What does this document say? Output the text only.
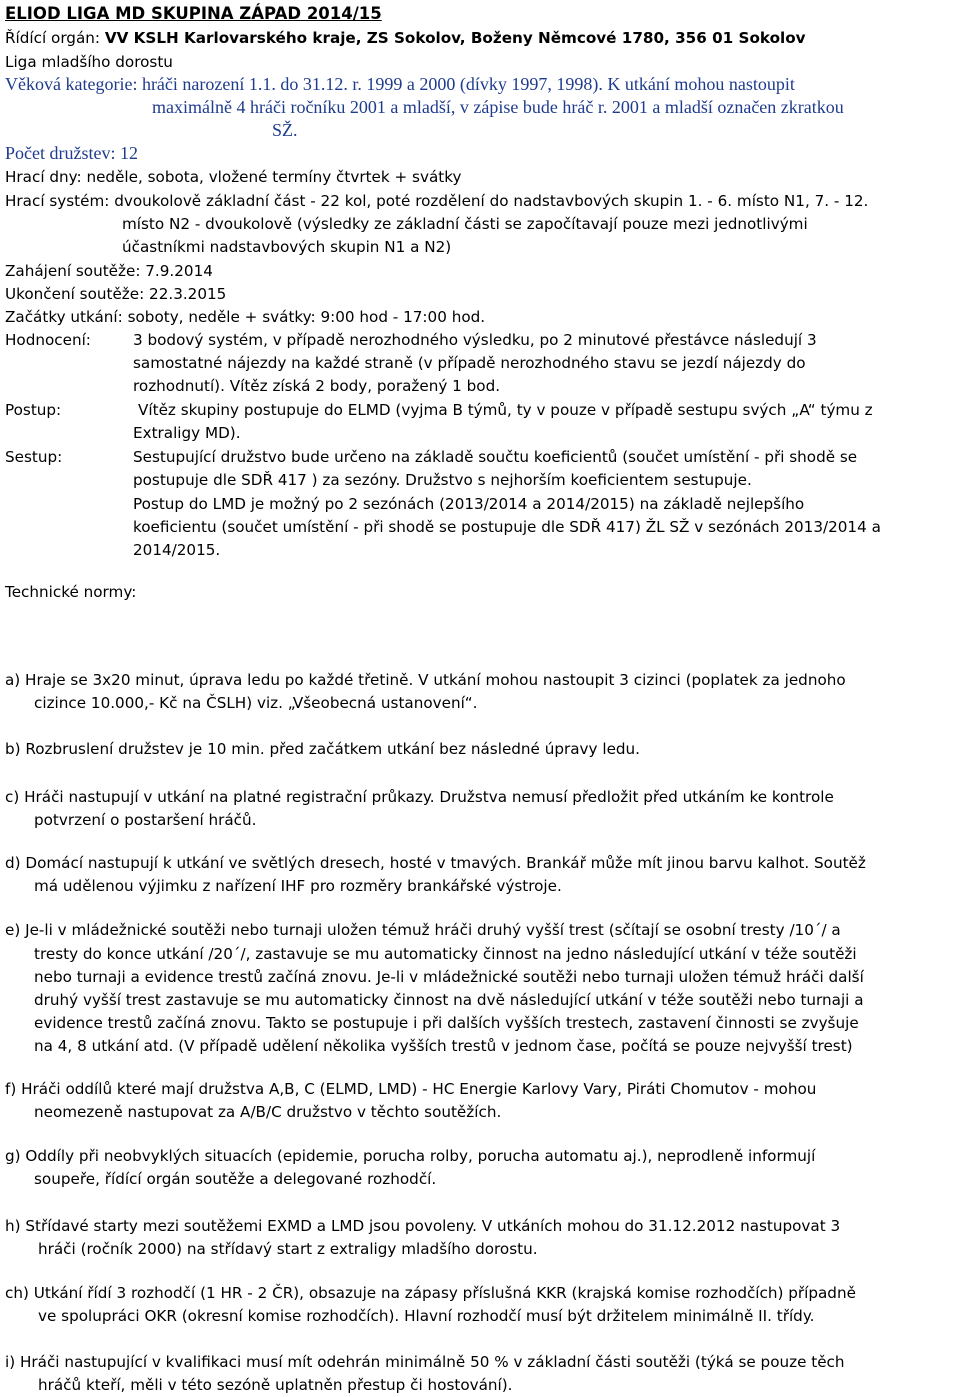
ELIOD LIGA MD SKUPINA ZÁPAD 2014/15
Řídící orgán: VV KSLH Karlovarského kraje, ZS Sokolov, Boženy Němcové 1780, 356 01 Sokolov
Liga mladšího dorostu
Věková kategorie: hráči narození 1.1. do 31.12. r. 1999 a 2000 (dívky 1997, 1998). K utkání mohou nastoupit
maximálně 4 hráči ročníku 2001 a mladší, v zápise bude hráč r. 2001 a mladší označen zkratkou
SŽ.
Počet družstev: 12
Hrací dny: neděle, sobota, vložené termíny čtvrtek + svátky
Hrací systém: dvoukolově základní část - 22 kol, poté rozdělení do nadstavbových skupin 1. - 6. místo N1, 7. - 12.
místo N2 - dvoukolově (výsledky ze základní části se započítavají pouze mezi jednotlivými
účastníkmi nadstavbových skupin N1 a N2)
Zahájení soutěže: 7.9.2014
Ukončení soutěže: 22.3.2015
Začátky utkání: soboty, neděle + svátky: 9:00 hod - 17:00 hod.
Hodnocení:	3 bodový systém, v případě nerozhodného výsledku, po 2 minutové přestávce následují 3
samostatné nájezdy na každé straně (v případě nerozhodného stavu se jezdí nájezdy do
rozhodnutí). Vítěz získá 2 body, poražený 1 bod.
Postup:	Vítěz skupiny postupuje do ELMD (vyjma B týmů, ty v pouze v případě sestupu svých „A“ týmu z
Extraligy MD).
Sestup:	Sestupující družstvo bude určeno na základě součtu koeficientů (součet umístění - při shodě se
postupuje dle SDŘ 417 ) za sezóny. Družstvo s nejhorším koeficientem sestupuje.
Postup do LMD je možný po 2 sezónách (2013/2014 a 2014/2015) na základě nejlepšího
koeficientu (součet umístění - při shodě se postupuje dle SDŘ 417) ŽL SŽ v sezónách 2013/2014 a
2014/2015.
Technické normy:
a) Hraje se 3x20 minut, úprava ledu po každé třetině. V utkání mohou nastoupit 3 cizinci (poplatek za jednoho
cizince 10.000,- Kč na ČSLH) viz. „Všeobecná ustanovení“.
b) Rozbruslení družstev je 10 min. před začátkem utkání bez následné úpravy ledu.
c) Hráči nastupují v utkání na platné registrační průkazy. Družstva nemusí předložit před utkáním ke kontrole
potvrzení o postaršení hráčů.
d) Domácí nastupují k utkání ve světlých dresech, hosté v tmavých. Brankář může mít jinou barvu kalhot. Soutěž
má udělenou výjimku z nařízení IHF pro rozměry brankářské výstroje.
e) Je-li v mládežnické soutěži nebo turnaji uložen témuž hráči druhý vyšší trest (sčítají se osobní tresty /10´/ a
tresty do konce utkání /20´/, zastavuje se mu automaticky činnost na jedno následující utkání v téže soutěži
nebo turnaji a evidence trestů začíná znovu. Je-li v mládežnické soutěži nebo turnaji uložen témuž hráči další
druhý vyšší trest zastavuje se mu automaticky činnost na dvě následující utkání v téže soutěži nebo turnaji a
evidence trestů začíná znovu. Takto se postupuje i při dalších vyšších trestech, zastavení činnosti se zvyšuje
na 4, 8 utkání atd. (V případě udělení několika vyšších trestů v jednom čase, počítá se pouze nejvyšší trest)
f) Hráči oddílů které mají družstva A,B, C (ELMD, LMD) - HC Energie Karlovy Vary, Piráti Chomutov - mohou
neomezeně nastupovat za A/B/C družstvo v těchto soutěžích.
g) Oddíly při neobvyklých situacích (epidemie, porucha rolby, porucha automatu aj.), neprodleně informují
soupeře, řídící orgán soutěže a delegované rozhodčí.
h) Střídavé starty mezi soutěžemi EXMD a LMD jsou povoleny. V utkáních mohou do 31.12.2012 nastupovat 3
hráči (ročník 2000) na střídavý start z extraligy mladšího dorostu.
ch) Utkání řídí 3 rozhodčí (1 HR - 2 ČR), obsazuje na zápasy příslušná KKR (krajská komise rozhodčích) případně
ve spolupráci OKR (okresní komise rozhodčích). Hlavní rozhodčí musí být držitelem minimálně II. třídy.
i) Hráči nastupující v kvalifikaci musí mít odehrán minimálně 50 % v základní části soutěži (týká se pouze těch
hráčů kteří, měli v této sezóně uplatněn přestup či hostování).
